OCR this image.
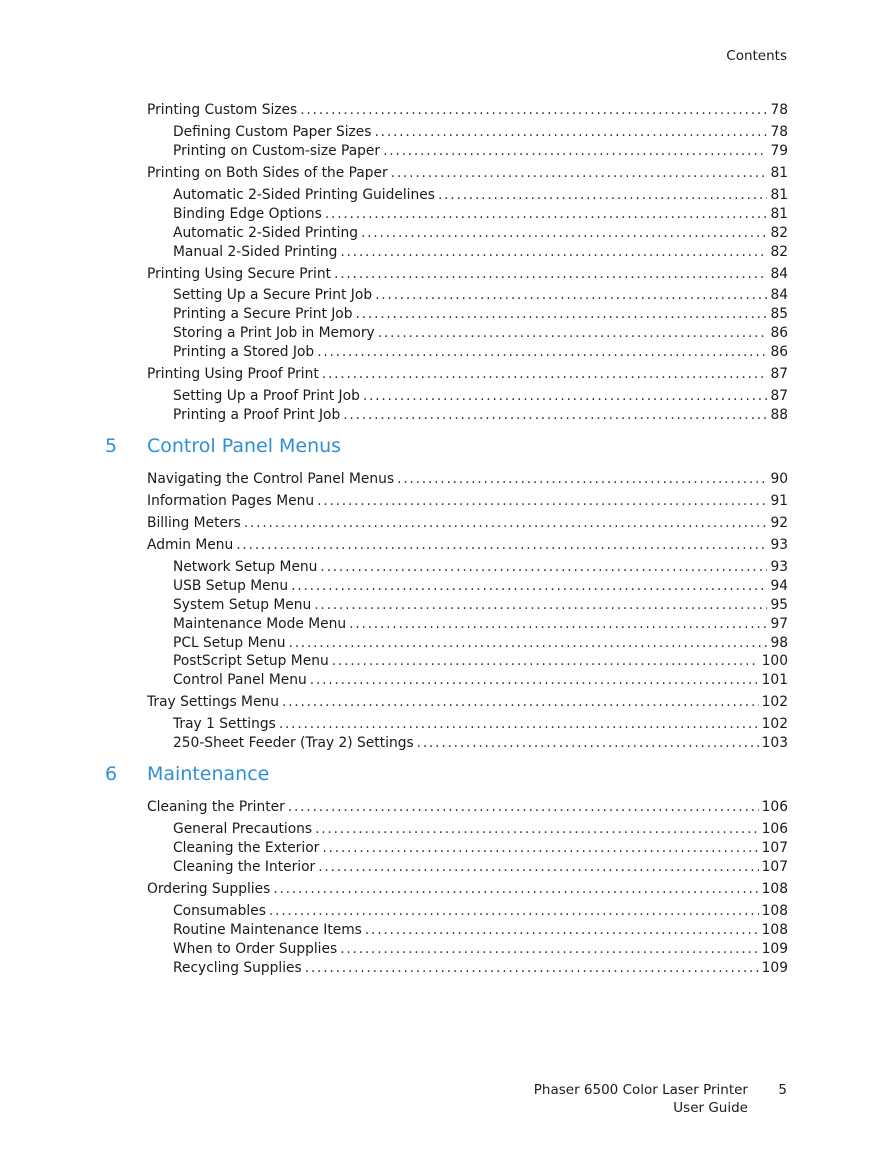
Contents
Printing Custom Sizes . . .	78
Defining Custom Paper Sizes . . .	78
Printing on Custom-size Paper . . .	79
Printing on Both Sides of the Paper . . .	81
Automatic 2-Sided Printing Guidelines . . .	81
Binding Edge Options . . .	81
Automatic 2-Sided Printing . . .	82
Manual 2-Sided Printing . . .	82
Printing Using Secure Print . . .	84
Setting Up a Secure Print Job . . .	84
Printing a Secure Print Job . . .	85
Storing a Print Job in Memory . . .	86
Printing a Stored Job . . .	86
Printing Using Proof Print . . .	87
Setting Up a Proof Print Job . . .	87
Printing a Proof Print Job . . .	88
Navigating the Control Panel Menus . . .	90
Information Pages Menu . . .	91
Billing Meters . . .	92
Admin Menu . . .	93
Network Setup Menu . . .	93
USB Setup Menu . . .	94
System Setup Menu . . .	95
Maintenance Mode Menu . . .	97
PCL Setup Menu . . .	98
PostScript Setup Menu . . .	100
Control Panel Menu . . .	101
Tray Settings Menu . . .	102
Tray 1 Settings . . .	102
250-Sheet Feeder (Tray 2) Settings . . .	103
Cleaning the Printer . . .	106
General Precautions . . .	106
Cleaning the Exterior . . .	107
Cleaning the Interior . . .	107
Ordering Supplies . . .	108
Consumables . . .	108
Routine Maintenance Items . . .	108
When to Order Supplies . . .	109
Recycling Supplies . . .	109
5 Control Panel Menus
6 Maintenance
Phaser 6500 Color Laser Printer
User Guide
5
